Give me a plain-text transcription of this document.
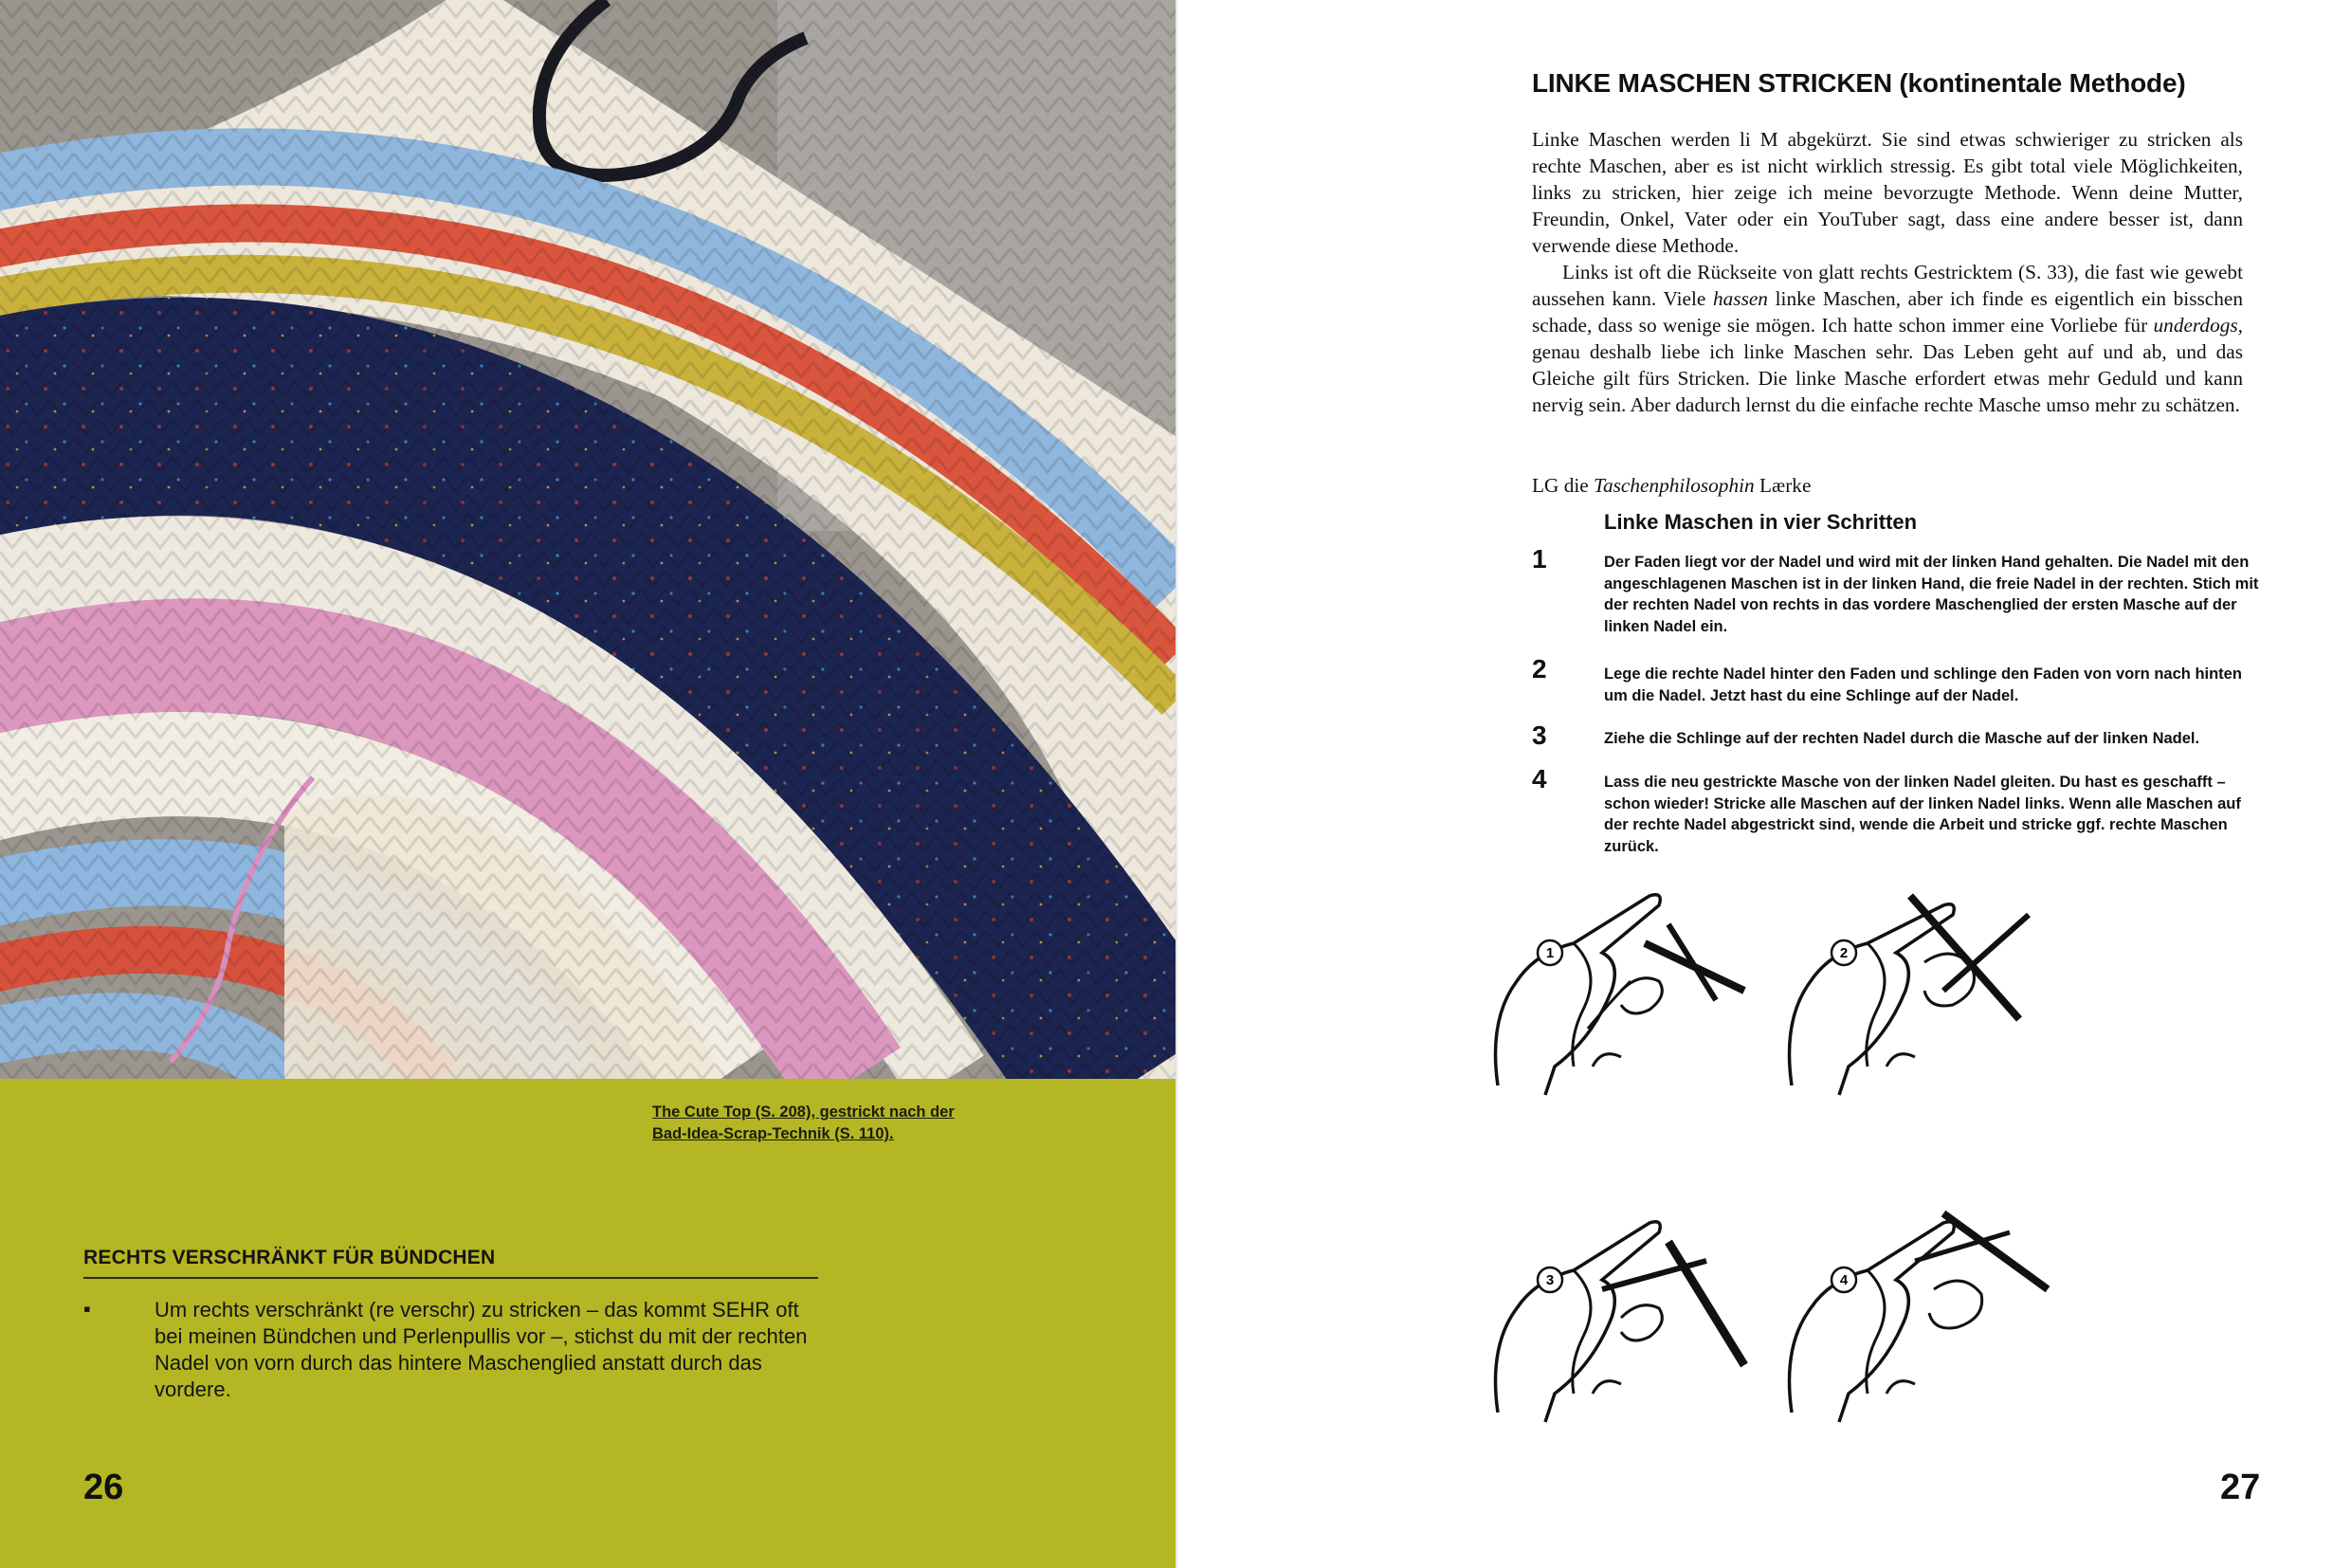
The Cute Top (S. 208), gestrickt nach der
Bad-Idea-Scrap-Technik (S. 110).
RECHTS VERSCHRÄNKT FÜR BÜNDCHEN
▪	Um rechts verschränkt (re verschr) zu stricken – das kommt SEHR oft bei meinen Bündchen und Perlenpullis vor –, stichst du mit der rechten Nadel von vorn durch das hintere Maschenglied anstatt durch das vordere.
26
LINKE MASCHEN STRICKEN (kontinentale Methode)

Linke Maschen werden li M abgekürzt. Sie sind etwas schwieriger zu stricken als rechte Maschen, aber es ist nicht wirklich stressig. Es gibt total viele Möglichkeiten, links zu stricken, hier zeige ich meine bevorzugte Methode. Wenn deine Mutter, Freundin, Onkel, Vater oder ein YouTuber sagt, dass eine andere besser ist, dann verwende diese Methode.

Links ist oft die Rückseite von glatt rechts Gestricktem (S. 33), die fast wie gewebt aussehen kann. Viele hassen linke Maschen, aber ich finde es eigentlich ein bisschen schade, dass so wenige sie mögen. Ich hatte schon immer eine Vorliebe für underdogs, genau deshalb liebe ich linke Maschen sehr. Das Leben geht auf und ab, und das Gleiche gilt fürs Stricken. Die linke Masche erfordert etwas mehr Geduld und kann nervig sein. Aber dadurch lernst du die einfache rechte Masche umso mehr zu schätzen.

LG die Taschenphilosophin Lærke
Linke Maschen in vier Schritten
1	Der Faden liegt vor der Nadel und wird mit der linken Hand gehalten. Die Nadel mit den angeschlagenen Maschen ist in der linken Hand, die freie Nadel in der rechten. Stich mit der rechten Nadel von rechts in das vordere Maschenglied der ersten Masche auf der linken Nadel ein.
2	Lege die rechte Nadel hinter den Faden und schlinge den Faden von vorn nach hinten um die Nadel. Jetzt hast du eine Schlinge auf der Nadel.
3	Ziehe die Schlinge auf der rechten Nadel durch die Masche auf der linken Nadel.
4	Lass die neu gestrickte Masche von der linken Nadel gleiten. Du hast es geschafft – schon wieder! Stricke alle Maschen auf der linken Nadel links. Wenn alle Maschen auf der rechte Nadel abgestrickt sind, wende die Arbeit und stricke ggf. rechte Maschen zurück.
1	2
3	4
27
